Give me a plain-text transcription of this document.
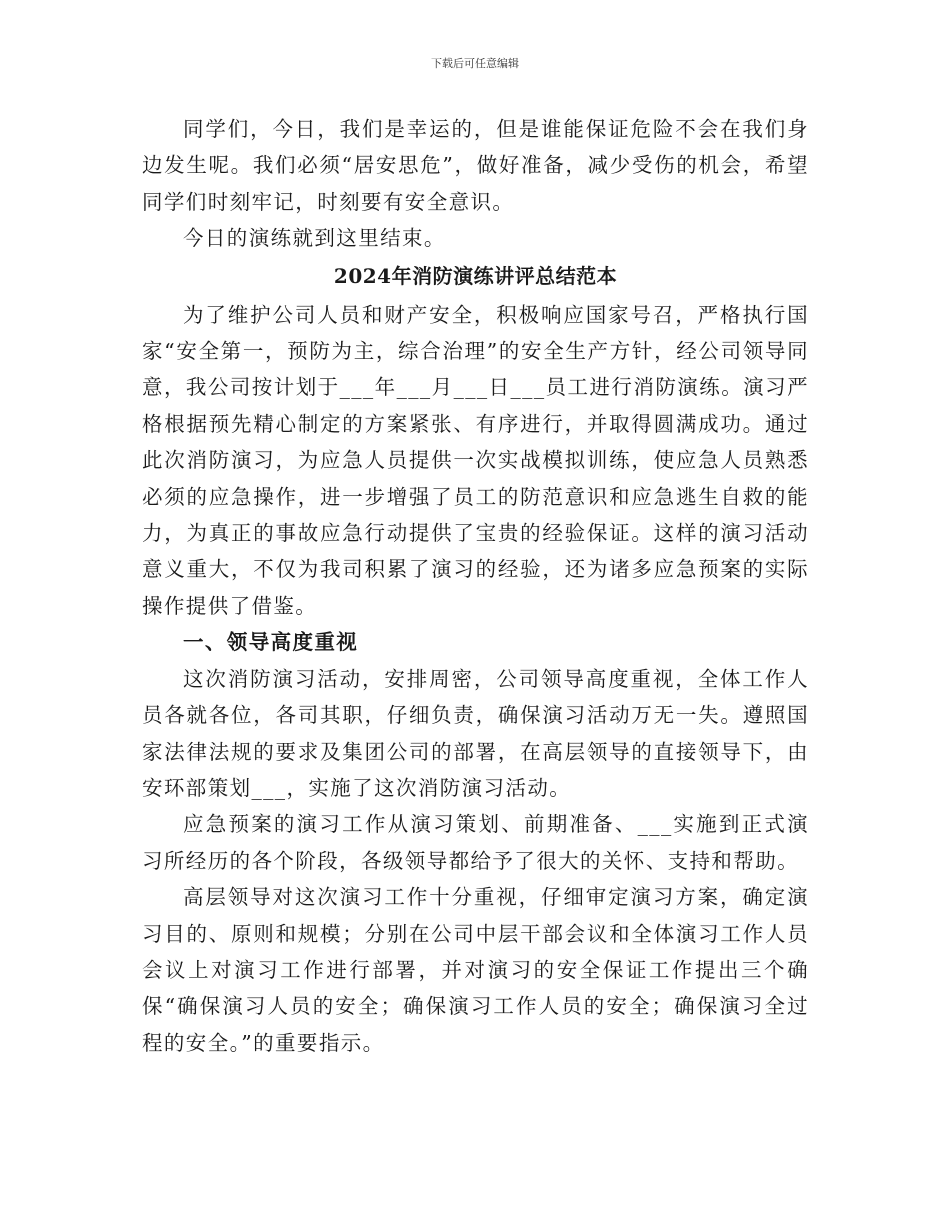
下载后可任意编辑

同学们，今日，我们是幸运的，但是谁能保证危险不会在我们身边发生呢。我们必须“居安思危”，做好准备，减少受伤的机会，希望同学们时刻牢记，时刻要有安全意识。

今日的演练就到这里结束。

2024年消防演练讲评总结范本

为了维护公司人员和财产安全，积极响应国家号召，严格执行国家“安全第一，预防为主，综合治理”的安全生产方针，经公司领导同意，我公司按计划于___年___月___日___员工进行消防演练。演习严格根据预先精心制定的方案紧张、有序进行，并取得圆满成功。通过此次消防演习，为应急人员提供一次实战模拟训练，使应急人员熟悉必须的应急操作，进一步增强了员工的防范意识和应急逃生自救的能力，为真正的事故应急行动提供了宝贵的经验保证。这样的演习活动意义重大，不仅为我司积累了演习的经验，还为诸多应急预案的实际操作提供了借鉴。

一、领导高度重视

这次消防演习活动，安排周密，公司领导高度重视，全体工作人员各就各位，各司其职，仔细负责，确保演习活动万无一失。遵照国家法律法规的要求及集团公司的部署，在高层领导的直接领导下，由安环部策划___，实施了这次消防演习活动。

应急预案的演习工作从演习策划、前期准备、___实施到正式演习所经历的各个阶段，各级领导都给予了很大的关怀、支持和帮助。

高层领导对这次演习工作十分重视，仔细审定演习方案，确定演习目的、原则和规模；分别在公司中层干部会议和全体演习工作人员会议上对演习工作进行部署，并对演习的安全保证工作提出三个确保“确保演习人员的安全；确保演习工作人员的安全；确保演习全过程的安全。”的重要指示。
